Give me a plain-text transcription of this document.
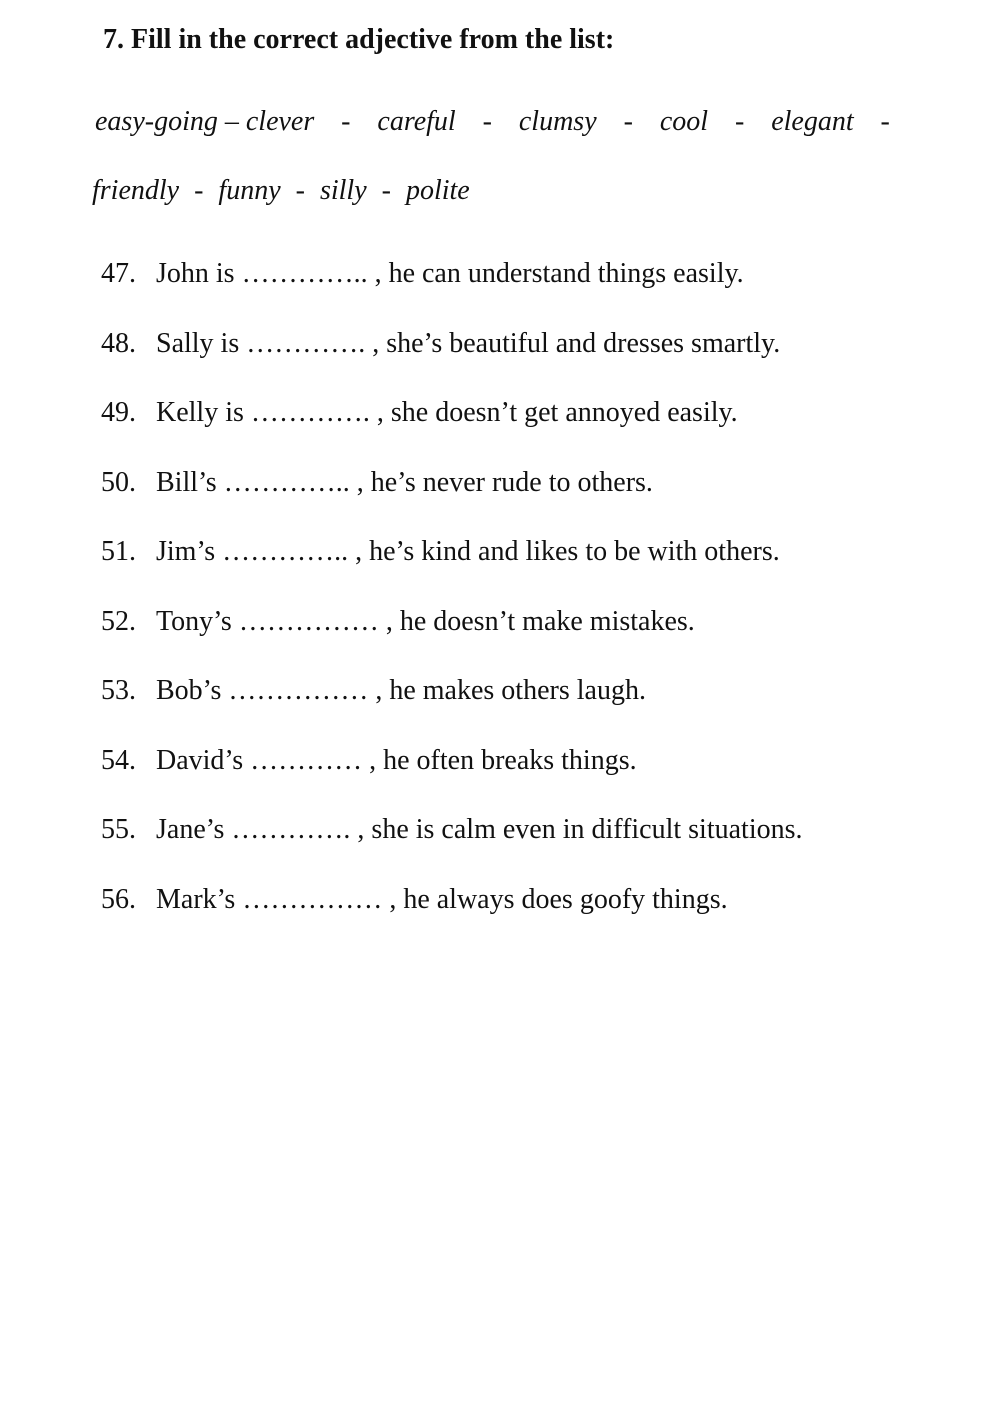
7. Fill in the correct adjective from the list:
easy-going – clever - careful - clumsy - cool - elegant -
friendly - funny - silly - polite
47. John is ………….. , he can understand things easily.
48. Sally is …………. , she’s beautiful and dresses smartly.
49. Kelly is …………. , she doesn’t get annoyed easily.
50. Bill’s ………….. , he’s never rude to others.
51. Jim’s ………….. , he’s kind and likes to be with others.
52. Tony’s …………… , he doesn’t make mistakes.
53. Bob’s …………… , he makes others laugh.
54. David’s ………… , he often breaks things.
55. Jane’s …………. , she is calm even in difficult situations.
56. Mark’s …………… , he always does goofy things.
